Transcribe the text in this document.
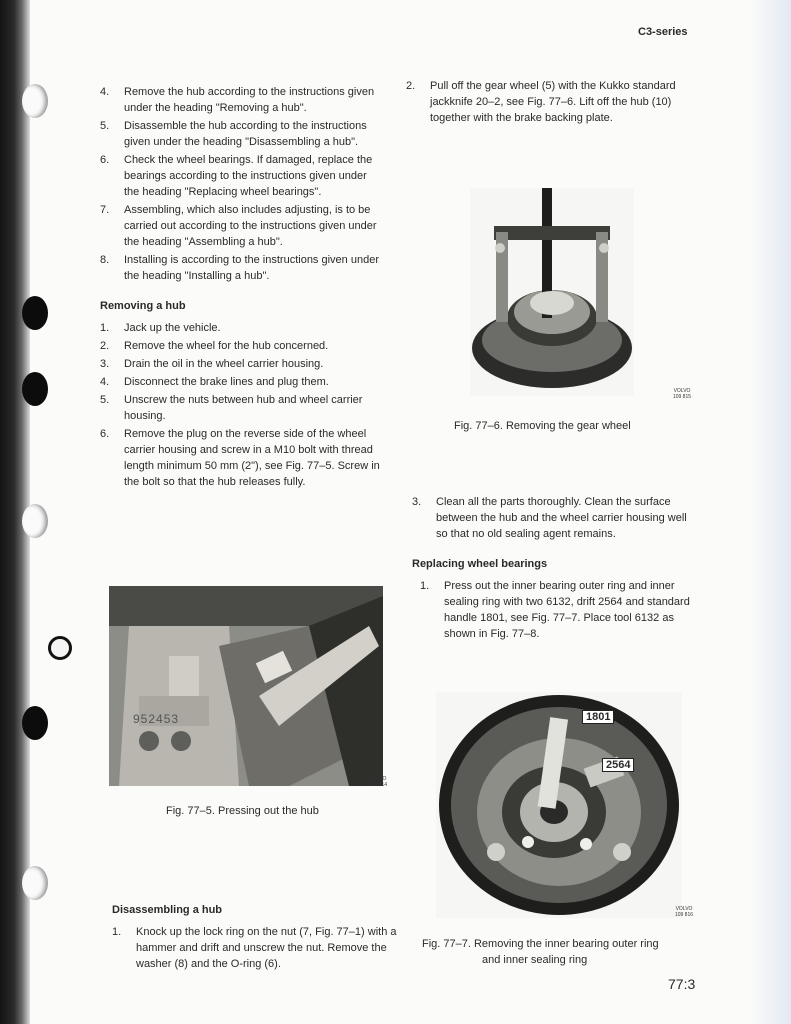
C3-series
4. Remove the hub according to the instructions given under the heading "Removing a hub".
5. Disassemble the hub according to the instructions given under the heading "Disassembling a hub".
6. Check the wheel bearings. If damaged, replace the bearings according to the instructions given under the heading "Replacing wheel bearings".
7. Assembling, which also includes adjusting, is to be carried out according to the instructions given under the heading "Assembling a hub".
8. Installing is according to the instructions given under the heading "Installing a hub".
Removing a hub
1. Jack up the vehicle.
2. Remove the wheel for the hub concerned.
3. Drain the oil in the wheel carrier housing.
4. Disconnect the brake lines and plug them.
5. Unscrew the nuts between hub and wheel carrier housing.
6. Remove the plug on the reverse side of the wheel carrier housing and screw in a M10 bolt with thread length minimum 50 mm (2"), see Fig. 77–5. Screw in the bolt so that the hub releases fully.
952453
VOLVO 109 814
Fig. 77–5. Pressing out the hub
Disassembling a hub
1. Knock up the lock ring on the nut (7, Fig. 77–1) with a hammer and drift and unscrew the nut. Remove the washer (8) and the O-ring (6).
2. Pull off the gear wheel (5) with the Kukko standard jackknife 20–2, see Fig. 77–6. Lift off the hub (10) together with the brake backing plate.
VOLVO 109 815
Fig. 77–6. Removing the gear wheel
3. Clean all the parts thoroughly. Clean the surface between the hub and the wheel carrier housing well so that no old sealing agent remains.
Replacing wheel bearings
1. Press out the inner bearing outer ring and inner sealing ring with two 6132, drift 2564 and standard handle 1801, see Fig. 77–7. Place tool 6132 as shown in Fig. 77–8.
1801
2564
VOLVO 109 816
Fig. 77–7. Removing the inner bearing outer ring
and inner sealing ring
77:3
